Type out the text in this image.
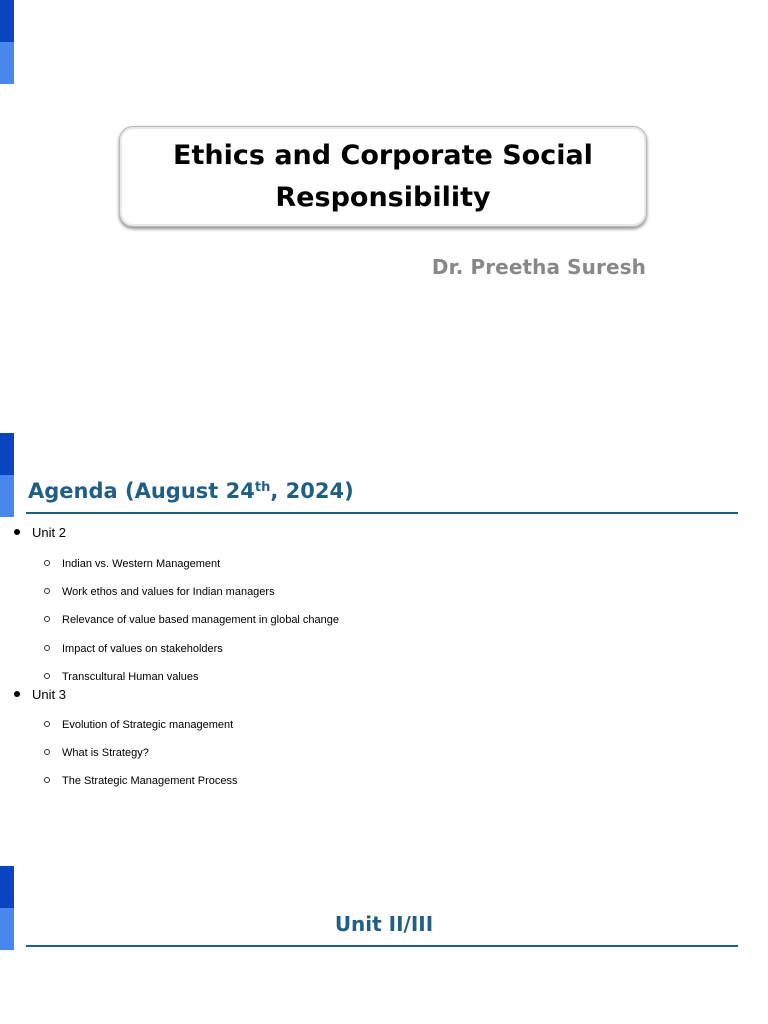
Ethics and Corporate Social
Responsibility
Dr. Preetha Suresh
Agenda (August 24th, 2024)
Unit 2
Indian vs. Western Management
Work ethos and values for Indian managers
Relevance of value based management in global change
Impact of values on stakeholders
Transcultural Human values
Unit 3
Evolution of Strategic management
What is Strategy?
The Strategic Management Process
Unit II/III
